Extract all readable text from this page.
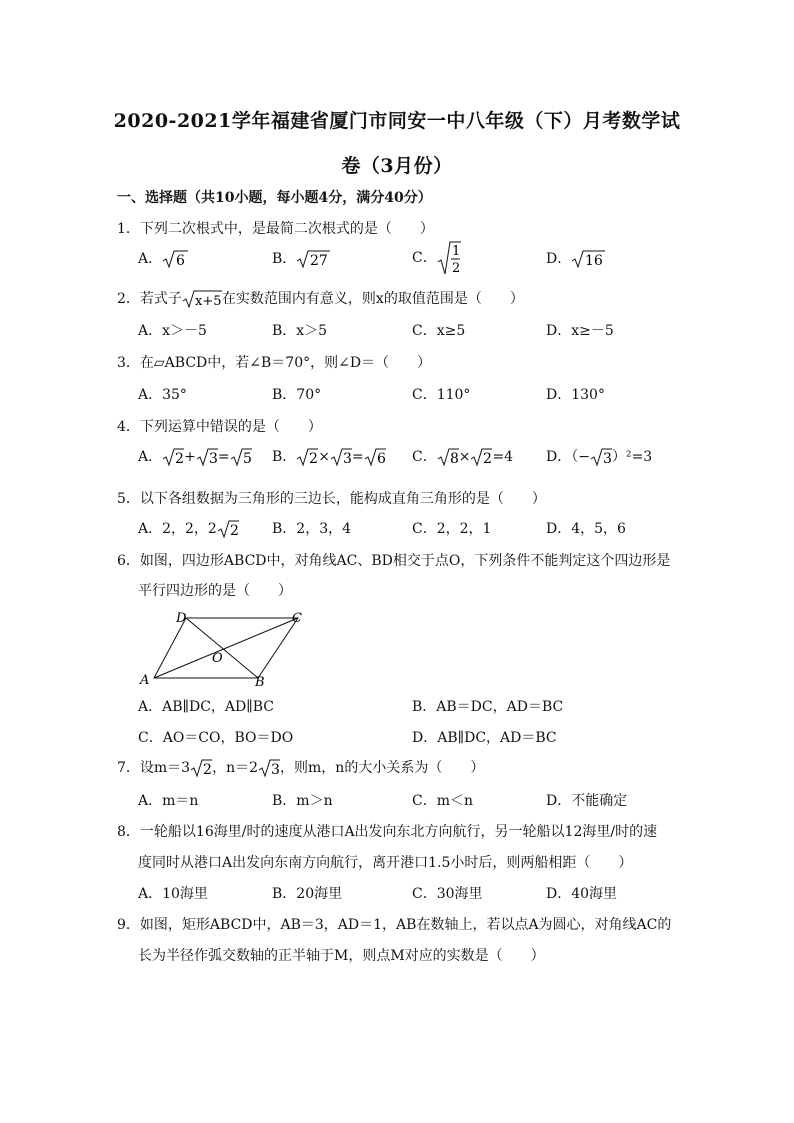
2020-2021学年福建省厦门市同安一中八年级（下）月考数学试
卷（3月份）
一、选择题（共10小题，每小题4分，满分40分）
1．下列二次根式中，是最简二次根式的是（　　）
A． 6	B． 27	C． 1
2
D． 16
2．若式子 x+5 在实数范围内有意义，则x的取值范围是（　　）
A．x＞－5	B．x＞5	C．x≥5	D．x≥－5
3．在▱ABCD中，若∠B＝70°，则∠D＝（　　）
A．35°	B．70°	C．110°	D．130°
4．下列运算中错误的是（　　）
A． 2 + 3 = 5 B． 2 × 3 = 6 C． 8 × 2 =4 D．（− 3 ）²=3
5．以下各组数据为三角形的三边长，能构成直角三角形的是（　　）
A．2，2，2 2 B．2，3，4	C．2，2，1	D．4，5，6
6．如图，四边形ABCD中，对角线AC、BD相交于点O，下列条件不能判定这个四边形是
平行四边形的是（　　）
A	B
C
D
O
A．AB∥DC，AD∥BC	B．AB＝DC，AD＝BC
C．AO＝CO，BO＝DO	D．AB∥DC，AD＝BC
7．设m＝3 2 ，n＝2 3 ，则m，n的大小关系为（　　）
A．m＝n	B．m＞n	C．m＜n	D．不能确定
8．一轮船以16海里/时的速度从港口A出发向东北方向航行，另一轮船以12海里/时的速
度同时从港口A出发向东南方向航行，离开港口1.5小时后，则两船相距（　　）
A．10海里	B．20海里	C．30海里	D．40海里
9．如图，矩形ABCD中，AB＝3，AD＝1，AB在数轴上，若以点A为圆心，对角线AC的
长为半径作弧交数轴的正半轴于M，则点M对应的实数是（　　）
